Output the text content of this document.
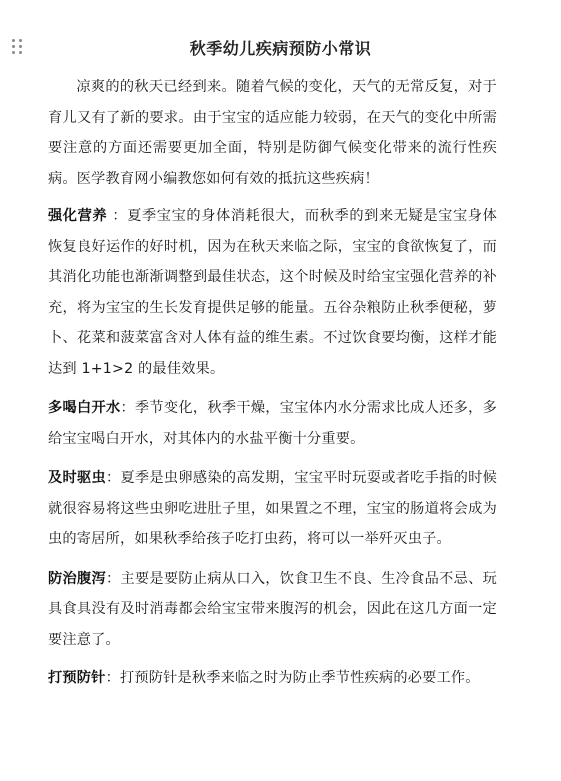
秋季幼儿疾病预防小常识

凉爽的的秋天已经到来。随着气候的变化，天气的无常反复，对于育儿又有了新的要求。由于宝宝的适应能力较弱，在天气的变化中所需要注意的方面还需要更加全面，特别是防御气候变化带来的流行性疾病。医学教育网小编教您如何有效的抵抗这些疾病！

强化营养 ：夏季宝宝的身体消耗很大，而秋季的到来无疑是宝宝身体恢复良好运作的好时机，因为在秋天来临之际，宝宝的食欲恢复了，而其消化功能也渐渐调整到最佳状态，这个时候及时给宝宝强化营养的补充，将为宝宝的生长发育提供足够的能量。五谷杂粮防止秋季便秘，萝卜、花菜和菠菜富含对人体有益的维生素。不过饮食要均衡，这样才能达到 1+1>2 的最佳效果。

多喝白开水：季节变化，秋季干燥，宝宝体内水分需求比成人还多，多给宝宝喝白开水，对其体内的水盐平衡十分重要。

及时驱虫：夏季是虫卵感染的高发期，宝宝平时玩耍或者吃手指的时候就很容易将这些虫卵吃进肚子里，如果置之不理，宝宝的肠道将会成为虫的寄居所，如果秋季给孩子吃打虫药，将可以一举歼灭虫子。

防治腹泻：主要是要防止病从口入，饮食卫生不良、生冷食品不忌、玩具食具没有及时消毒都会给宝宝带来腹泻的机会，因此在这几方面一定要注意了。

打预防针：打预防针是秋季来临之时为防止季节性疾病的必要工作。
